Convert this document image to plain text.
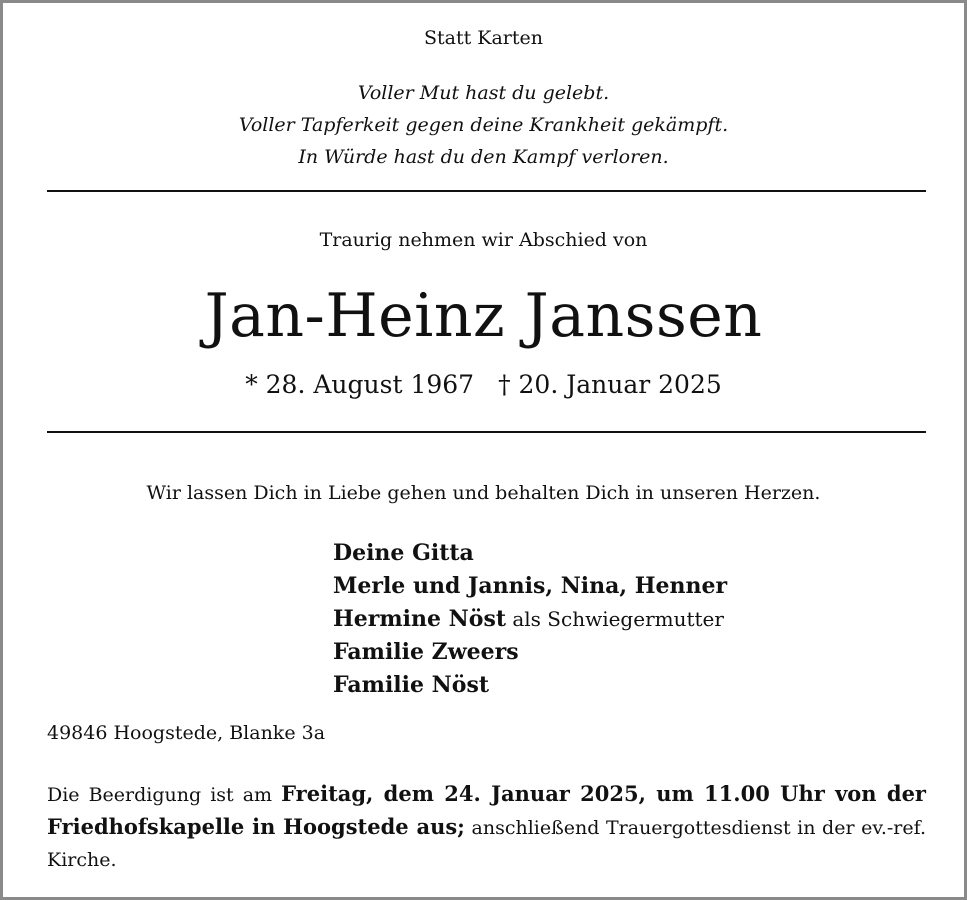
Statt Karten
Voller Mut hast du gelebt.
Voller Tapferkeit gegen deine Krankheit gekämpft.
In Würde hast du den Kampf verloren.
Traurig nehmen wir Abschied von
Jan-Heinz Janssen
* 28. August 1967 † 20. Januar 2025
Wir lassen Dich in Liebe gehen und behalten Dich in unseren Herzen.
Deine Gitta
Merle und Jannis, Nina, Henner
Hermine Nöst als Schwiegermutter
Familie Zweers
Familie Nöst
49846 Hoogstede, Blanke 3a
Die Beerdigung ist am Freitag, dem 24. Januar 2025, um 11.00 Uhr von der Friedhofskapelle in Hoogstede aus; anschließend Trauergottesdienst in der ev.-ref. Kirche.
